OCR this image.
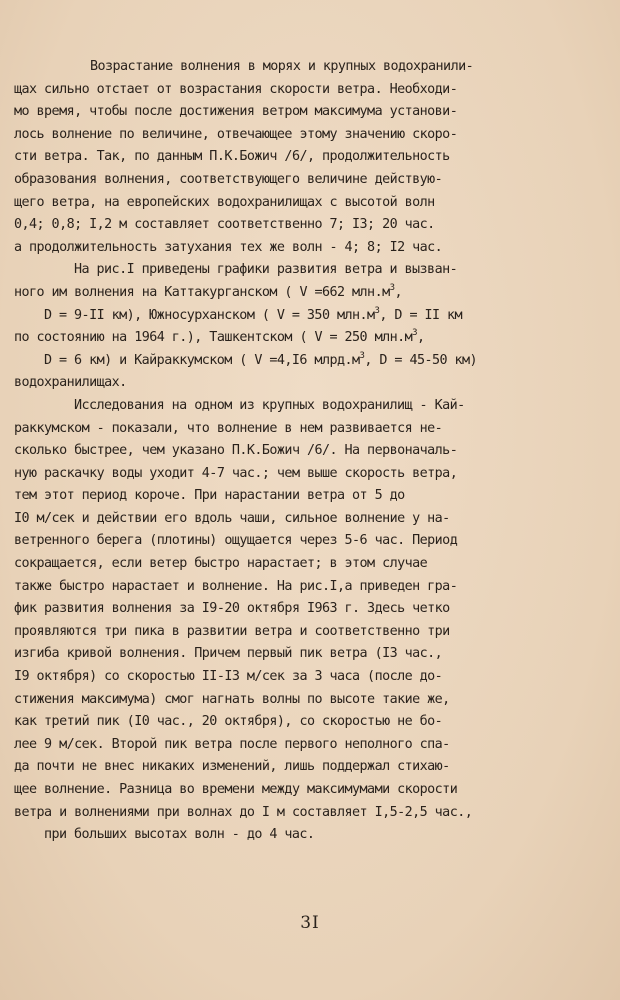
Возрастание волнения в морях и крупных водохранили-
щах сильно отстает от возрастания скорости ветра. Необходи-
мо время, чтобы после достижения ветром максимума установи-
лось волнение по величине, отвечающее этому значению скоро-
сти ветра. Так, по данным П.К.Божич /6/, продолжительность
образования волнения, соответствующего величине действую-
щего ветра, на европейских водохранилищах с высотой волн
0,4; 0,8; I,2 м составляет соответственно 7; I3; 20 час.
а продолжительность затухания тех же волн - 4; 8; I2 час.
На рис.I приведены графики развития ветра и вызван-
ного им волнения на Каттакурганском ( V =662 $млн.м^3$,
D = 9-II км), Южносурханском ( V = 350 $млн.м^3$, D = II км
по состоянию на 1964 г.), Ташкентском ( V = 250 $млн.м^3$,
D = 6 км) и Кайраккумском ( V =4,I6 $млрд.м^3$, D = 45-50 км)
водохранилищах.
Исследования на одном из крупных водохранилищ - Кай-
раккумском - показали, что волнение в нем развивается не-
сколько быстрее, чем указано П.К.Божич /6/. На первоначаль-
ную раскачку воды уходит 4-7 час.; чем выше скорость ветра,
тем этот период короче. При нарастании ветра от 5 до
I0 м/сек и действии его вдоль чаши, сильное волнение у на-
ветренного берега (плотины) ощущается через 5-6 час. Период
сокращается, если ветер быстро нарастает; в этом случае
также быстро нарастает и волнение. На рис.I,а приведен гра-
фик развития волнения за I9-20 октября I963 г. Здесь четко
проявляются три пика в развитии ветра и соответственно три
изгиба кривой волнения. Причем первый пик ветра (I3 час.,
I9 октября) со скоростью II-I3 м/сек за 3 часа (после до-
стижения максимума) смог нагнать волны по высоте такие же,
как третий пик (I0 час., 20 октября), со скоростью не бо-
лее 9 м/сек. Второй пик ветра после первого неполного спа-
да почти не внес никаких изменений, лишь поддержал стихаю-
щее волнение. Разница во времени между максимумами скорости
ветра и волнениями при волнах до I м составляет I,5-2,5 час.,
при больших высотах волн - до 4 час.
3I
